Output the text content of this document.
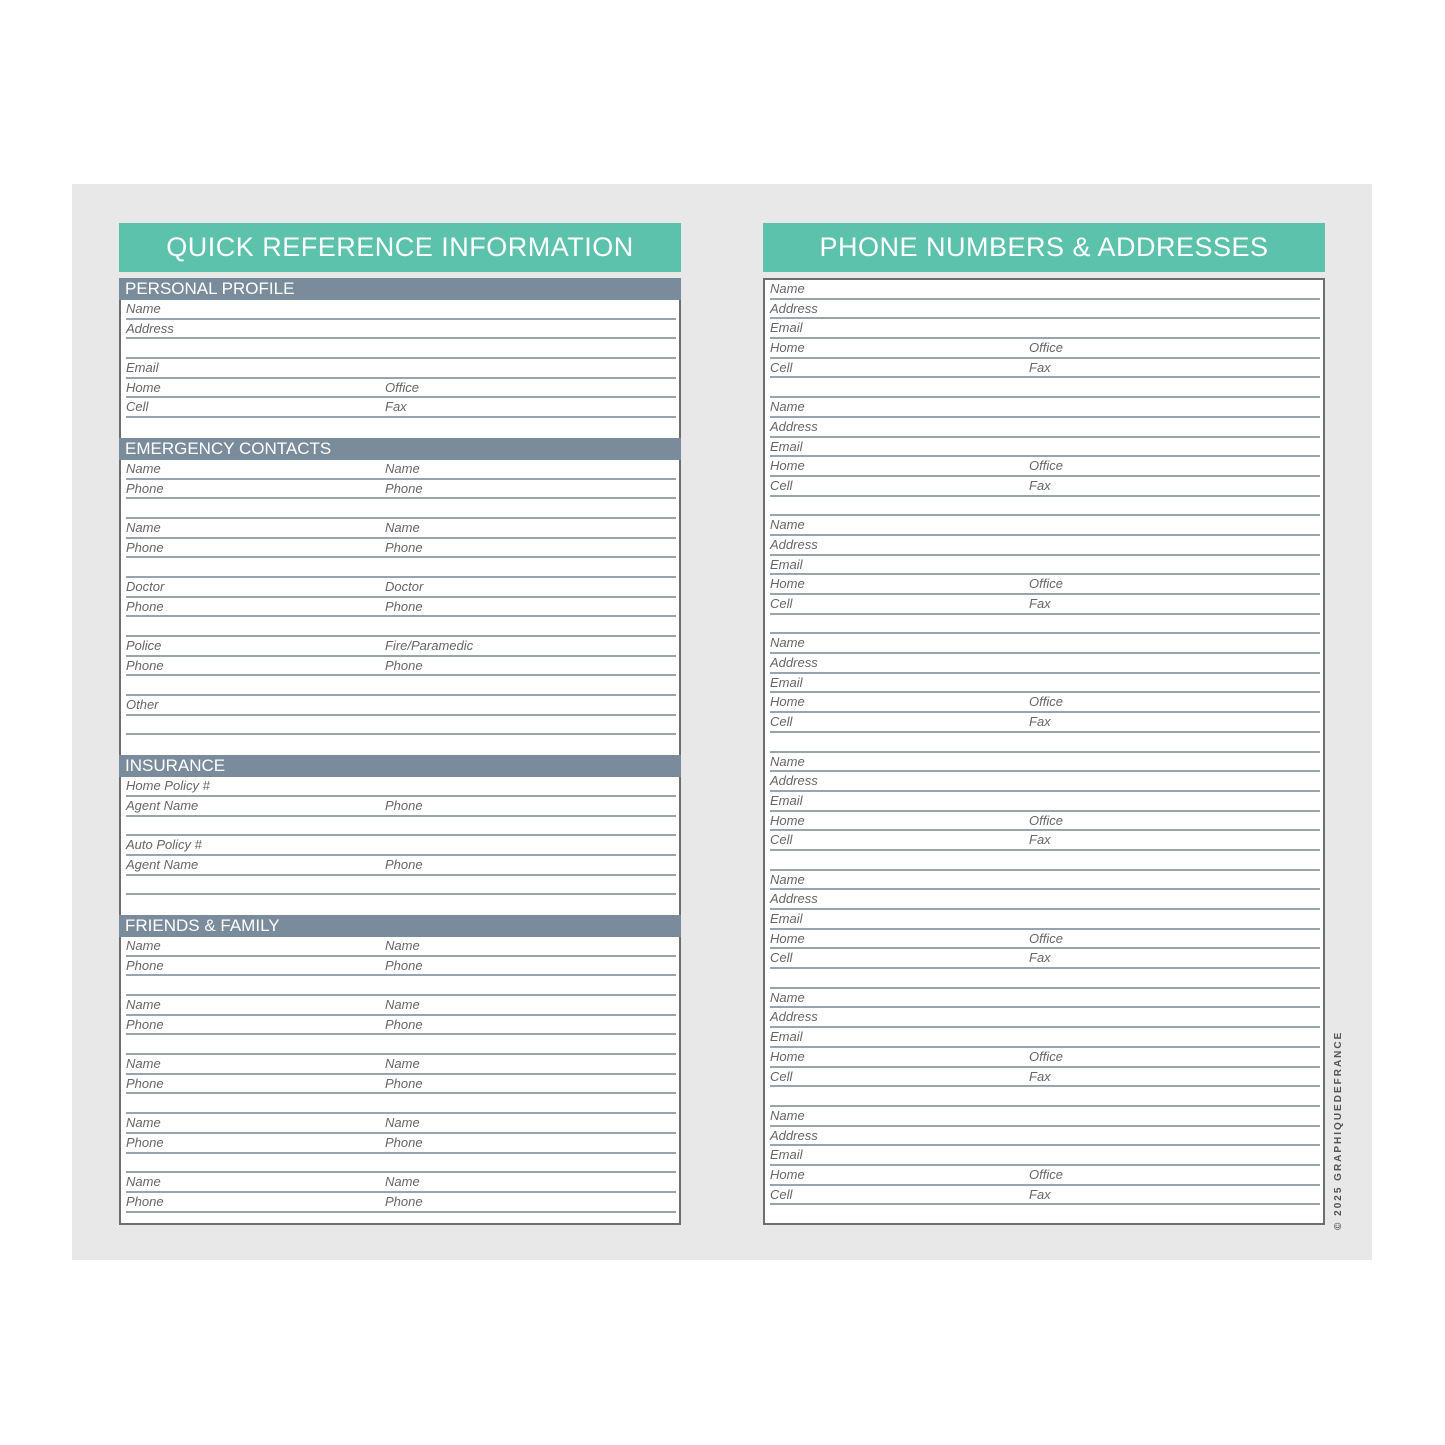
QUICK REFERENCE INFORMATION
PERSONAL PROFILE
Name
Address
Email
Home	Office
Cell	Fax
EMERGENCY CONTACTS
Name	Name
Phone	Phone
Name	Name
Phone	Phone
Doctor	Doctor
Phone	Phone
Police	Fire/Paramedic
Phone	Phone
Other
INSURANCE
Home Policy #
Agent Name	Phone
Auto Policy #
Agent Name	Phone
FRIENDS & FAMILY
Name	Name
Phone	Phone
Name	Name
Phone	Phone
Name	Name
Phone	Phone
Name	Name
Phone	Phone
Name	Name
Phone	Phone
PHONE NUMBERS & ADDRESSES
Name
Address
Email
Home	Office
Cell	Fax
Name
Address
Email
Home	Office
Cell	Fax
Name
Address
Email
Home	Office
Cell	Fax
Name
Address
Email
Home	Office
Cell	Fax
Name
Address
Email
Home	Office
Cell	Fax
Name
Address
Email
Home	Office
Cell	Fax
Name
Address
Email
Home	Office
Cell	Fax
Name
Address
Email
Home	Office
Cell	Fax	© 2025 GRAPHIQUEDEFRANCE
